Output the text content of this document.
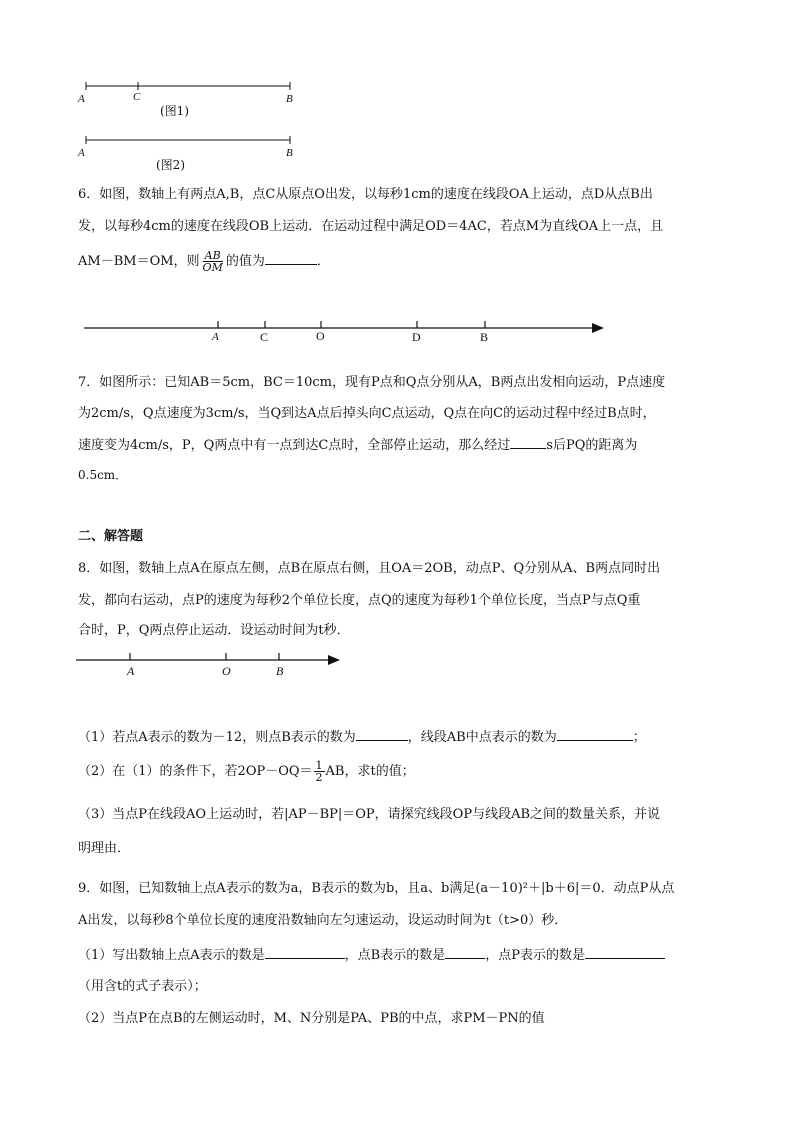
A	C	B
(图1)
A	B
(图2)
6．如图，数轴上有两点A,B，点C从原点O出发，以每秒1cm的速度在线段OA上运动，点D从点B出
发，以每秒4cm的速度在线段OB上运动．在运动过程中满足OD＝4AC，若点M为直线OA上一点，且
AM－BM＝OM，则 $\frac{AB}{OM}$ 的值为	．
A	C	O	D	B
7．如图所示：已知AB＝5cm，BC＝10cm，现有P点和Q点分别从A，B两点出发相向运动，P点速度
为2cm/s，Q点速度为3cm/s，当Q到达A点后掉头向C点运动，Q点在向C的运动过程中经过B点时，
速度变为4cm/s，P，Q两点中有一点到达C点时，全部停止运动，那么经过	s后PQ的距离为
0.5cm．
二、解答题
8．如图，数轴上点A在原点左侧，点B在原点右侧，且OA＝2OB，动点P、Q分别从A、B两点同时出
发，都向右运动，点P的速度为每秒2个单位长度，点Q的速度为每秒1个单位长度，当点P与点Q重
合时，P，Q两点停止运动．设运动时间为t秒．
A	O	B
（1）若点A表示的数为－12，则点B表示的数为	，线段AB中点表示的数为	；
（2）在（1）的条件下，若$2OP-OQ= \frac{1}{2}$ AB，求t的值；
（3）当点P在线段AO上运动时，若|AP－BP|＝OP，请探究线段OP与线段AB之间的数量关系，并说
明理由．
9．如图，已知数轴上点A表示的数为a，B表示的数为b，且a、b满足(a－10)²＋|b＋6|＝0．动点P从点
A出发，以每秒8个单位长度的速度沿数轴向左匀速运动，设运动时间为t（t>0）秒．
（1）写出数轴上点A表示的数是	，点B表示的数是	，点P表示的数是
（用含t的式子表示）；
（2）当点P在点B的左侧运动时，M、N分别是PA、PB的中点，求PM－PN的值
